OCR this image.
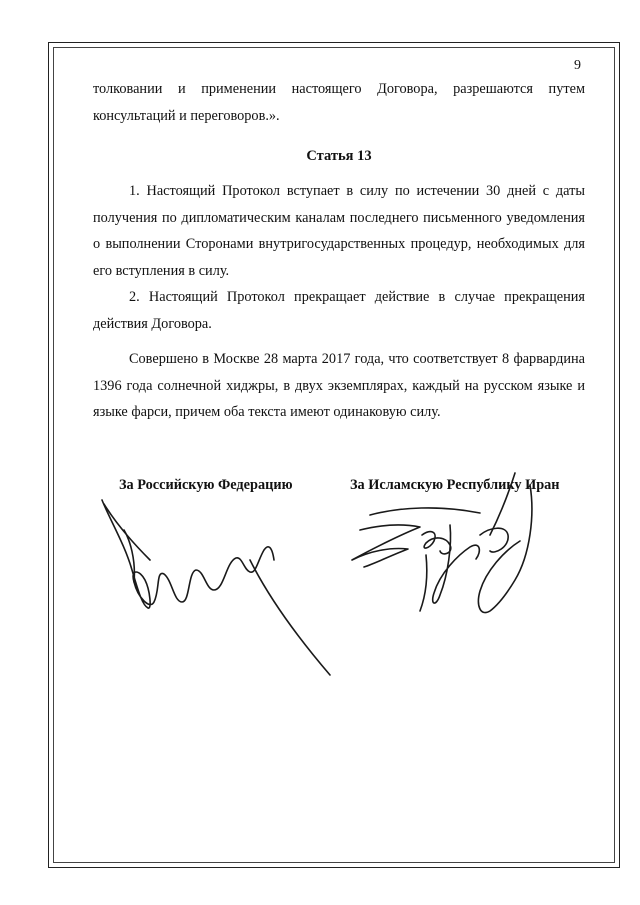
9

толковании и применении настоящего Договора, разрешаются путем консультаций и переговоров.».

Статья 13

1. Настоящий Протокол вступает в силу по истечении 30 дней с даты получения по дипломатическим каналам последнего письменного уведомления о выполнении Сторонами внутригосударственных процедур, необходимых для его вступления в силу.

2. Настоящий Протокол прекращает действие в случае прекращения действия Договора.

Совершено в Москве 28 марта 2017 года, что соответствует 8 фарвардина 1396 года солнечной хиджры, в двух экземплярах, каждый на русском языке и языке фарси, причем оба текста имеют одинаковую силу.

За Российскую Федерацию	За Исламскую Республику Иран
